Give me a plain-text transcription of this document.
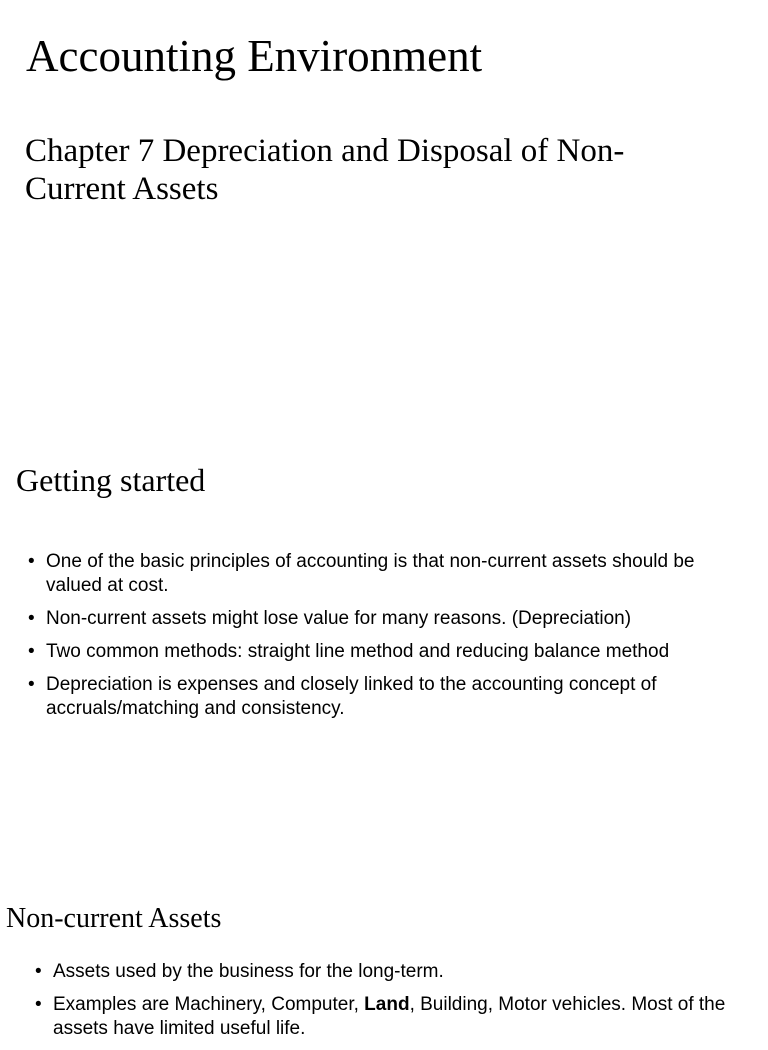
Accounting Environment
Chapter 7 Depreciation and Disposal of Non-Current Assets
Getting started
• One of the basic principles of accounting is that non-current assets should be valued at cost.
• Non-current assets might lose value for many reasons. (Depreciation)
• Two common methods: straight line method and reducing balance method
• Depreciation is expenses and closely linked to the accounting concept of accruals/matching and consistency.
Non-current Assets
• Assets used by the business for the long-term.
• Examples are Machinery, Computer, Land, Building, Motor vehicles. Most of the assets have limited useful life.
